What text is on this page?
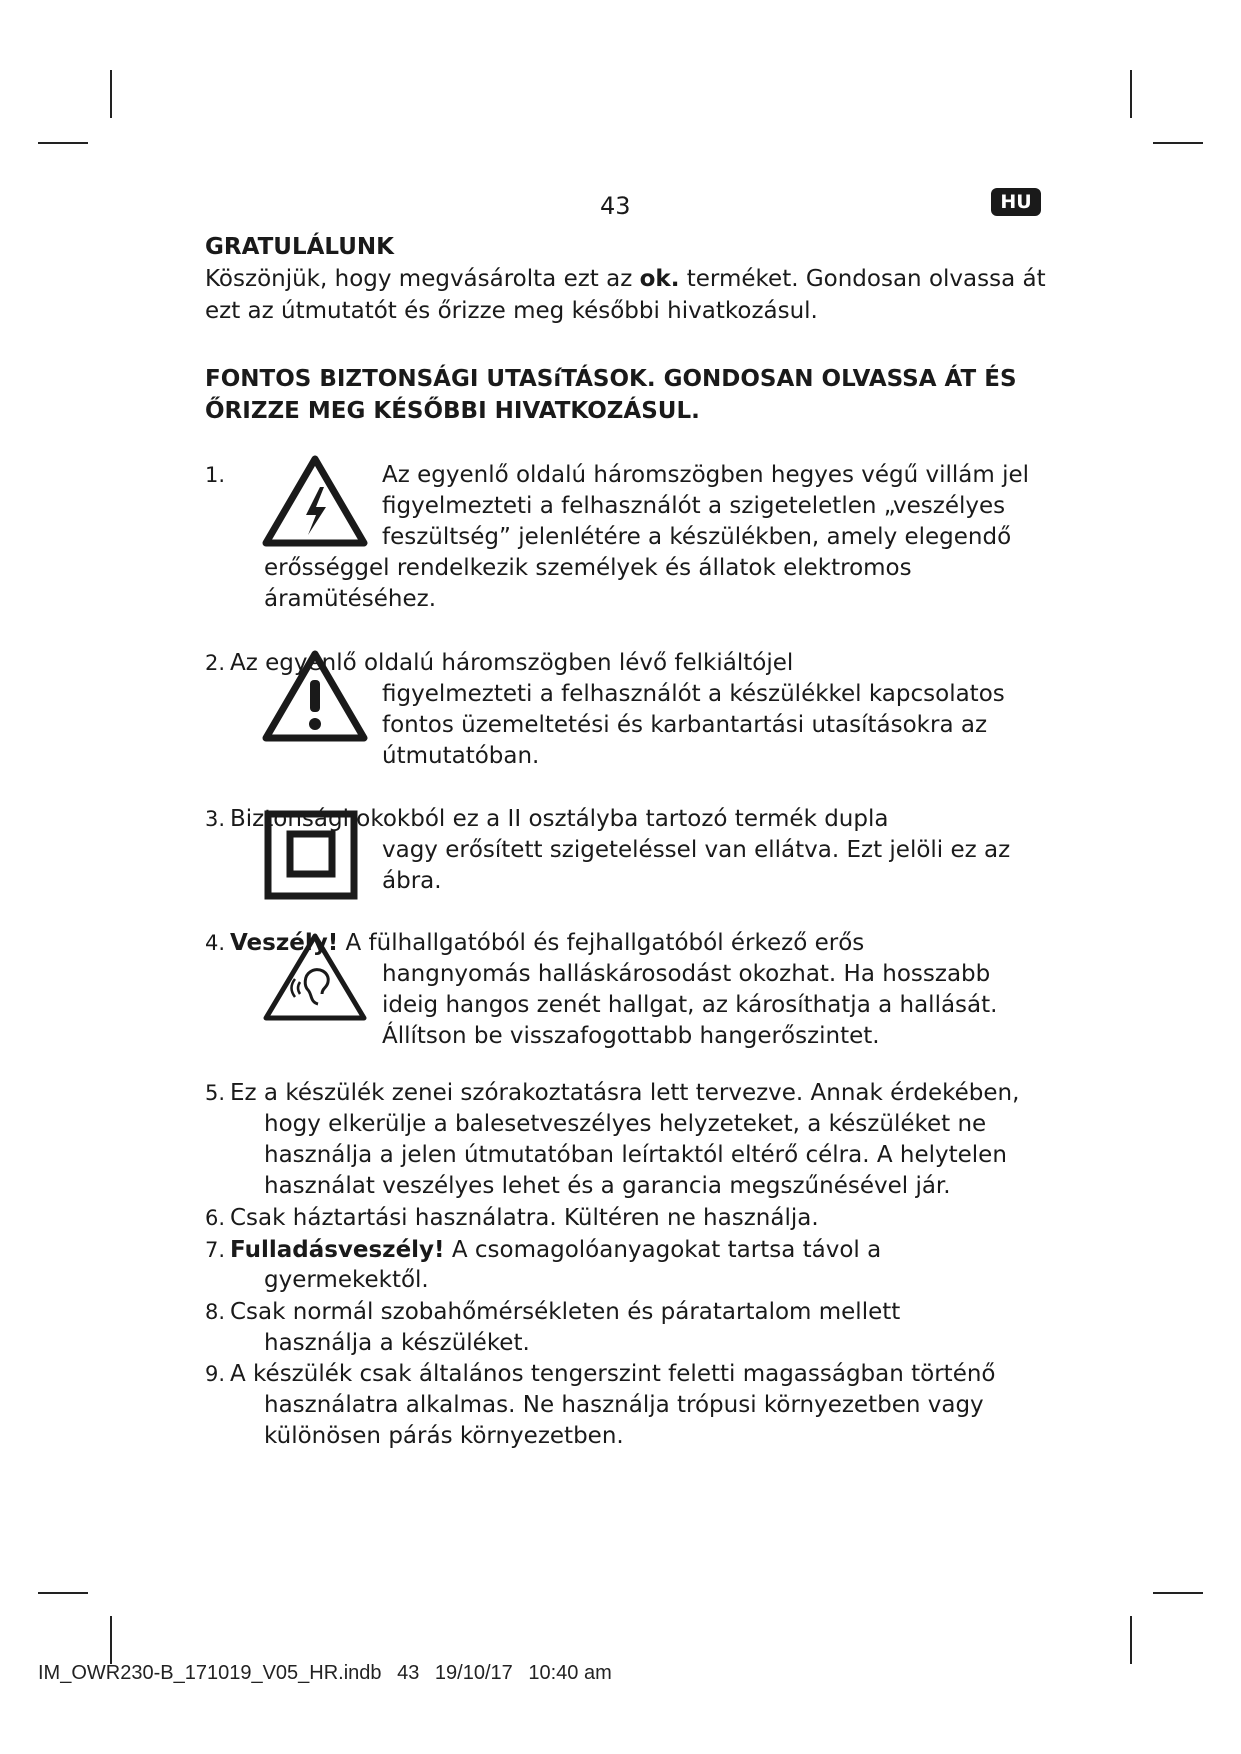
43	HU
GRATULÁLUNK
Köszönjük, hogy megvásárolta ezt az ok. terméket. Gondosan olvassa át
ezt az útmutatót és őrizze meg későbbi hivatkozásul.
FONTOS BIZTONSÁGI UTASíTÁSOK. GONDOSAN OLVASSA ÁT ÉS
ŐRIZZE MEG KÉSŐBBI HIVATKOZÁSUL.
1.	Az egyenlő oldalú háromszögben hegyes végű villám jel
figyelmezteti a felhasználót a szigeteletlen „veszélyes
feszültség” jelenlétére a készülékben, amely elegendő
erősséggel rendelkezik személyek és állatok elektromos
áramütéséhez.
2. Az egyenlő oldalú háromszögben lévő felkiáltójel
figyelmezteti a felhasználót a készülékkel kapcsolatos
fontos üzemeltetési és karbantartási utasításokra az
útmutatóban.
3. Biztonsági okokból ez a II osztályba tartozó termék dupla
vagy erősített szigeteléssel van ellátva. Ezt jelöli ez az
ábra.
4. Veszély! A fülhallgatóból és fejhallgatóból érkező erős
hangnyomás halláskárosodást okozhat. Ha hosszabb
ideig hangos zenét hallgat, az károsíthatja a hallását.
Állítson be visszafogottabb hangerőszintet.
5. Ez a készülék zenei szórakoztatásra lett tervezve. Annak érdekében,
hogy elkerülje a balesetveszélyes helyzeteket, a készüléket ne
használja a jelen útmutatóban leírtaktól eltérő célra. A helytelen
használat veszélyes lehet és a garancia megszűnésével jár.
6. Csak háztartási használatra. Kültéren ne használja.
7. Fulladásveszély! A csomagolóanyagokat tartsa távol a
gyermekektől.
8. Csak normál szobahőmérsékleten és páratartalom mellett
használja a készüléket.
9. A készülék csak általános tengerszint feletti magasságban történő
használatra alkalmas. Ne használja trópusi környezetben vagy
különösen párás környezetben.
IM_OWR230-B_171019_V05_HR.indb 43 19/10/17 10:40 am
